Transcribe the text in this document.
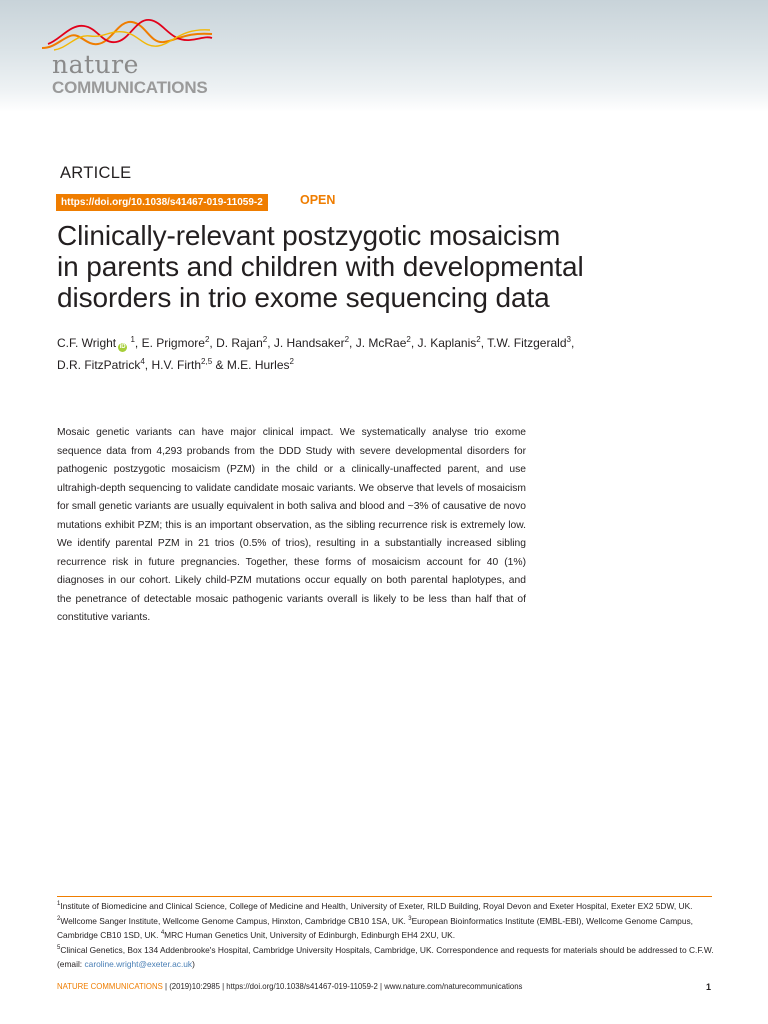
nature
COMMUNICATIONS
ARTICLE
https://doi.org/10.1038/s41467-019-11059-2	OPEN
Clinically-relevant postzygotic mosaicism
in parents and children with developmental
disorders in trio exome sequencing data
C.F. Wright iD $^1$, E. Prigmore$^2$, D. Rajan$^2$, J. Handsaker$^2$, J. McRae$^2$, J. Kaplanis$^2$, T.W. Fitzgerald$^3$,
D.R. FitzPatrick$^4$, H.V. Firth$^{2,5}$ & M.E. Hurles$^2$

Mosaic genetic variants can have major clinical impact. We systematically analyse trio exome sequence data from 4,293 probands from the DDD Study with severe developmental disorders for pathogenic postzygotic mosaicism (PZM) in the child or a clinically-unaffected parent, and use ultrahigh-depth sequencing to validate candidate mosaic variants. We observe that levels of mosaicism for small genetic variants are usually equivalent in both saliva and blood and ~3% of causative de novo mutations exhibit PZM; this is an important observation, as the sibling recurrence risk is extremely low. We identify parental PZM in 21 trios (0.5% of trios), resulting in a substantially increased sibling recurrence risk in future pregnancies. Together, these forms of mosaicism account for 40 (1%) diagnoses in our cohort. Likely child-PZM mutations occur equally on both parental haplotypes, and the penetrance of detectable mosaic pathogenic variants overall is likely to be less than half that of constitutive variants.

$^1$Institute of Biomedicine and Clinical Science, College of Medicine and Health, University of Exeter, RILD Building, Royal Devon and Exeter Hospital, Exeter EX2 5DW, UK. $^2$Wellcome Sanger Institute, Wellcome Genome Campus, Hinxton, Cambridge CB10 1SA, UK. $^3$European Bioinformatics Institute (EMBL-EBI), Wellcome Genome Campus, Cambridge CB10 1SD, UK. $^4$MRC Human Genetics Unit, University of Edinburgh, Edinburgh EH4 2XU, UK.
$^5$Clinical Genetics, Box 134 Addenbrooke's Hospital, Cambridge University Hospitals, Cambridge, UK. Correspondence and requests for materials should be addressed to C.F.W. (email: caroline.wright@exeter.ac.uk)
NATURE COMMUNICATIONS | (2019)10:2985 | https://doi.org/10.1038/s41467-019-11059-2 | www.nature.com/naturecommunications	1
